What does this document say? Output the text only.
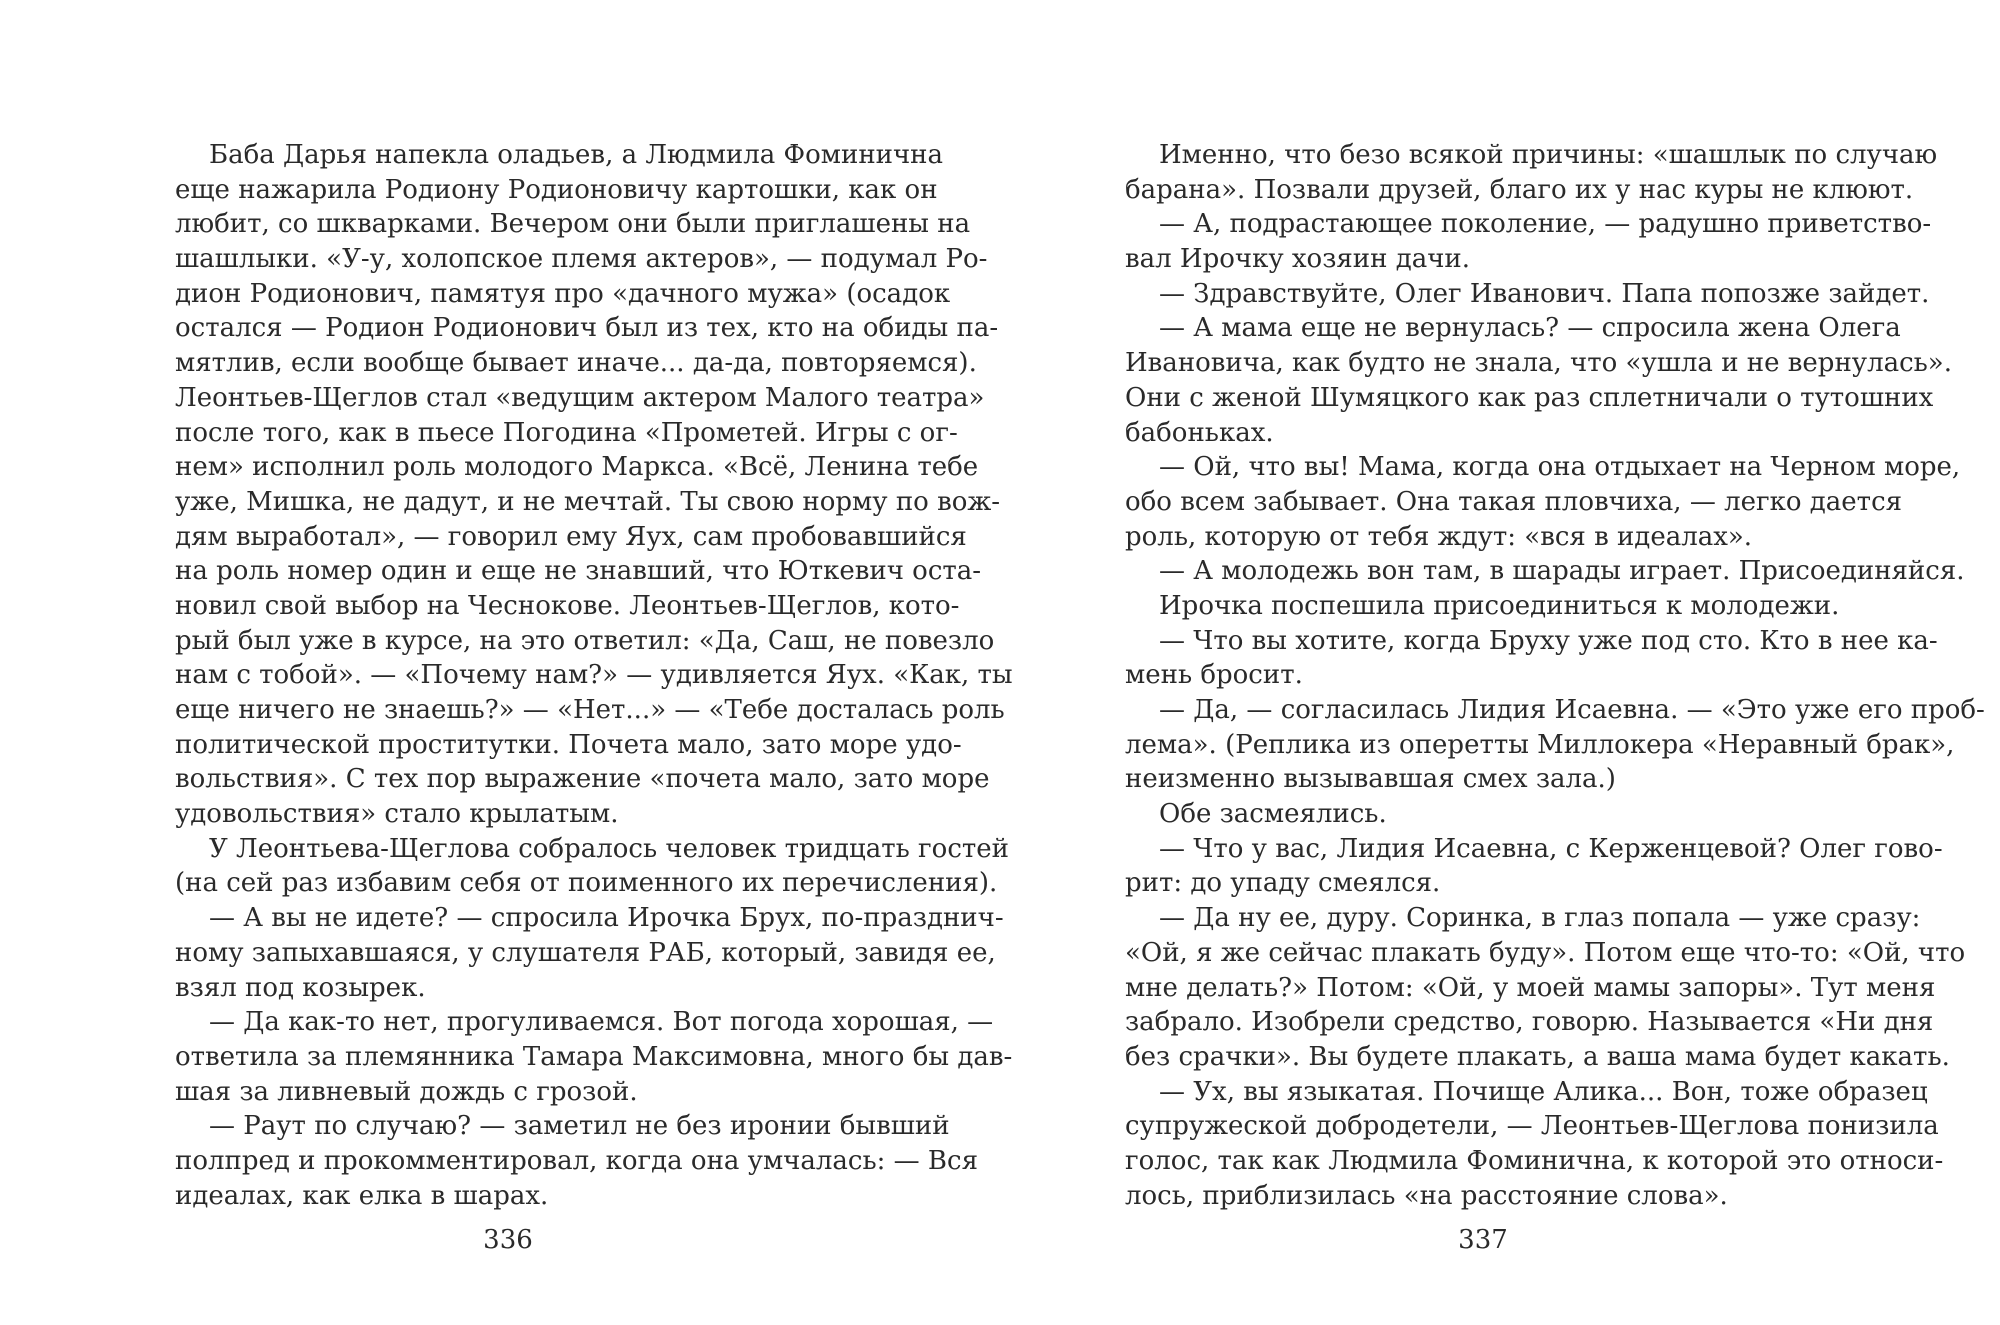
Баба Дарья напекла оладьев, а Людмила Фоминична
еще нажарила Родиону Родионовичу картошки, как он
любит, со шкварками. Вечером они были приглашены на
шашлыки. «У-у, холопское племя актеров», — подумал Ро-
дион Родионович, памятуя про «дачного мужа» (осадок
остался — Родион Родионович был из тех, кто на обиды па-
мятлив, если вообще бывает иначе... да-да, повторяемся).
Леонтьев-Щеглов стал «ведущим актером Малого театра»
после того, как в пьесе Погодина «Прометей. Игры с ог-
нем» исполнил роль молодого Маркса. «Всё, Ленина тебе
уже, Мишка, не дадут, и не мечтай. Ты свою норму по вож-
дям выработал», — говорил ему Яух, сам пробовавшийся
на роль номер один и еще не знавший, что Юткевич оста-
новил свой выбор на Чеснокове. Леонтьев-Щеглов, кото-
рый был уже в курсе, на это ответил: «Да, Саш, не повезло
нам с тобой». — «Почему нам?» — удивляется Яух. «Как, ты
еще ничего не знаешь?» — «Нет...» — «Тебе досталась роль
политической проститутки. Почета мало, зато море удо-
вольствия». С тех пор выражение «почета мало, зато море
удовольствия» стало крылатым.
У Леонтьева-Щеглова собралось человек тридцать гостей
(на сей раз избавим себя от поименного их перечисления).
— А вы не идете? — спросила Ирочка Брух, по-празднич-
ному запыхавшаяся, у слушателя РАБ, который, завидя ее,
взял под козырек.
— Да как-то нет, прогуливаемся. Вот погода хорошая, —
ответила за племянника Тамара Максимовна, много бы дав-
шая за ливневый дождь с грозой.
— Раут по случаю? — заметил не без иронии бывший
полпред и прокомментировал, когда она умчалась: — Вся
идеалах, как елка в шарах.
336
Именно, что безо всякой причины: «шашлык по случаю
барана». Позвали друзей, благо их у нас куры не клюют.
— А, подрастающее поколение, — радушно приветство-
вал Ирочку хозяин дачи.
— Здравствуйте, Олег Иванович. Папа попозже зайдет.
— А мама еще не вернулась? — спросила жена Олега
Ивановича, как будто не знала, что «ушла и не вернулась».
Они с женой Шумяцкого как раз сплетничали о тутошних
бабоньках.
— Ой, что вы! Мама, когда она отдыхает на Черном море,
обо всем забывает. Она такая пловчиха, — легко дается
роль, которую от тебя ждут: «вся в идеалах».
— А молодежь вон там, в шарады играет. Присоединяйся.
Ирочка поспешила присоединиться к молодежи.
— Что вы хотите, когда Бруху уже под сто. Кто в нее ка-
мень бросит.
— Да, — согласилась Лидия Исаевна. — «Это уже его проб-
лема». (Реплика из оперетты Миллокера «Неравный брак»,
неизменно вызывавшая смех зала.)
Обе засмеялись.
— Что у вас, Лидия Исаевна, с Керженцевой? Олег гово-
рит: до упаду смеялся.
— Да ну ее, дуру. Соринка, в глаз попала — уже сразу:
«Ой, я же сейчас плакать буду». Потом еще что-то: «Ой, что
мне делать?» Потом: «Ой, у моей мамы запоры». Тут меня
забрало. Изобрели средство, говорю. Называется «Ни дня
без срачки». Вы будете плакать, а ваша мама будет какать.
— Ух, вы языкатая. Почище Алика... Вон, тоже образец
супружеской добродетели, — Леонтьев-Щеглова понизила
голос, так как Людмила Фоминична, к которой это относи-
лось, приблизилась «на расстояние слова».
337
